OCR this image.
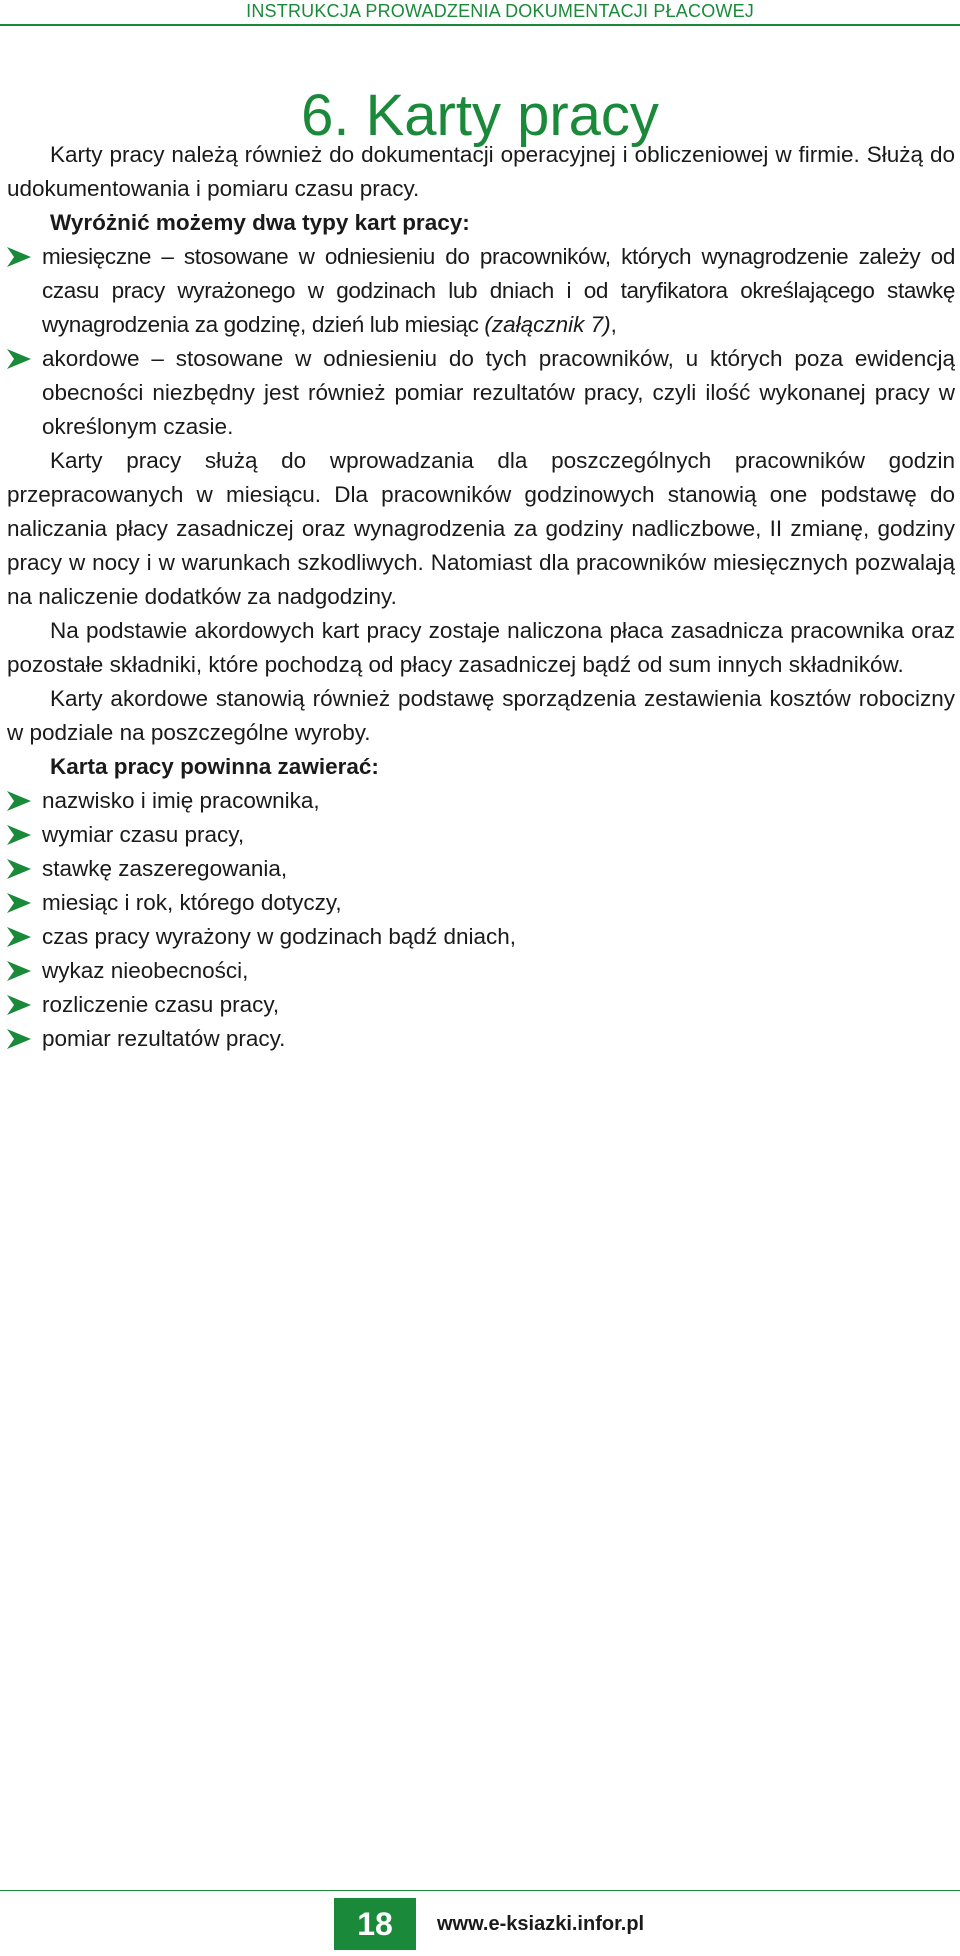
INSTRUKCJA PROWADZENIA DOKUMENTACJI PŁACOWEJ
6. Karty pracy

Karty pracy należą również do dokumentacji operacyjnej i obliczeniowej w firmie. Służą do udokumentowania i pomiaru czasu pracy.

Wyróżnić możemy dwa typy kart pracy:

miesięczne – stosowane w odniesieniu do pracowników, których wynagrodzenie zależy od czasu pracy wyrażonego w godzinach lub dniach i od taryfikatora określającego stawkę wynagrodzenia za godzinę, dzień lub miesiąc (załącznik 7),
akordowe – stosowane w odniesieniu do tych pracowników, u których poza ewidencją obecności niezbędny jest również pomiar rezultatów pracy, czyli ilość wykonanej pracy w określonym czasie.

Karty pracy służą do wprowadzania dla poszczególnych pracowników godzin przepracowanych w miesiącu. Dla pracowników godzinowych stanowią one podstawę do naliczania płacy zasadniczej oraz wynagrodzenia za godziny nadliczbowe, II zmianę, godziny pracy w nocy i w warunkach szkodliwych. Natomiast dla pracowników miesięcznych pozwalają na naliczenie dodatków za nadgodziny.

Na podstawie akordowych kart pracy zostaje naliczona płaca zasadnicza pracownika oraz pozostałe składniki, które pochodzą od płacy zasadniczej bądź od sum innych składników.

Karty akordowe stanowią również podstawę sporządzenia zestawienia kosztów robocizny w podziale na poszczególne wyroby.

Karta pracy powinna zawierać:

nazwisko i imię pracownika,
wymiar czasu pracy,
stawkę zaszeregowania,
miesiąc i rok, którego dotyczy,
czas pracy wyrażony w godzinach bądź dniach,
wykaz nieobecności,
rozliczenie czasu pracy,
pomiar rezultatów pracy.
18	www.e-ksiazki.infor.pl
